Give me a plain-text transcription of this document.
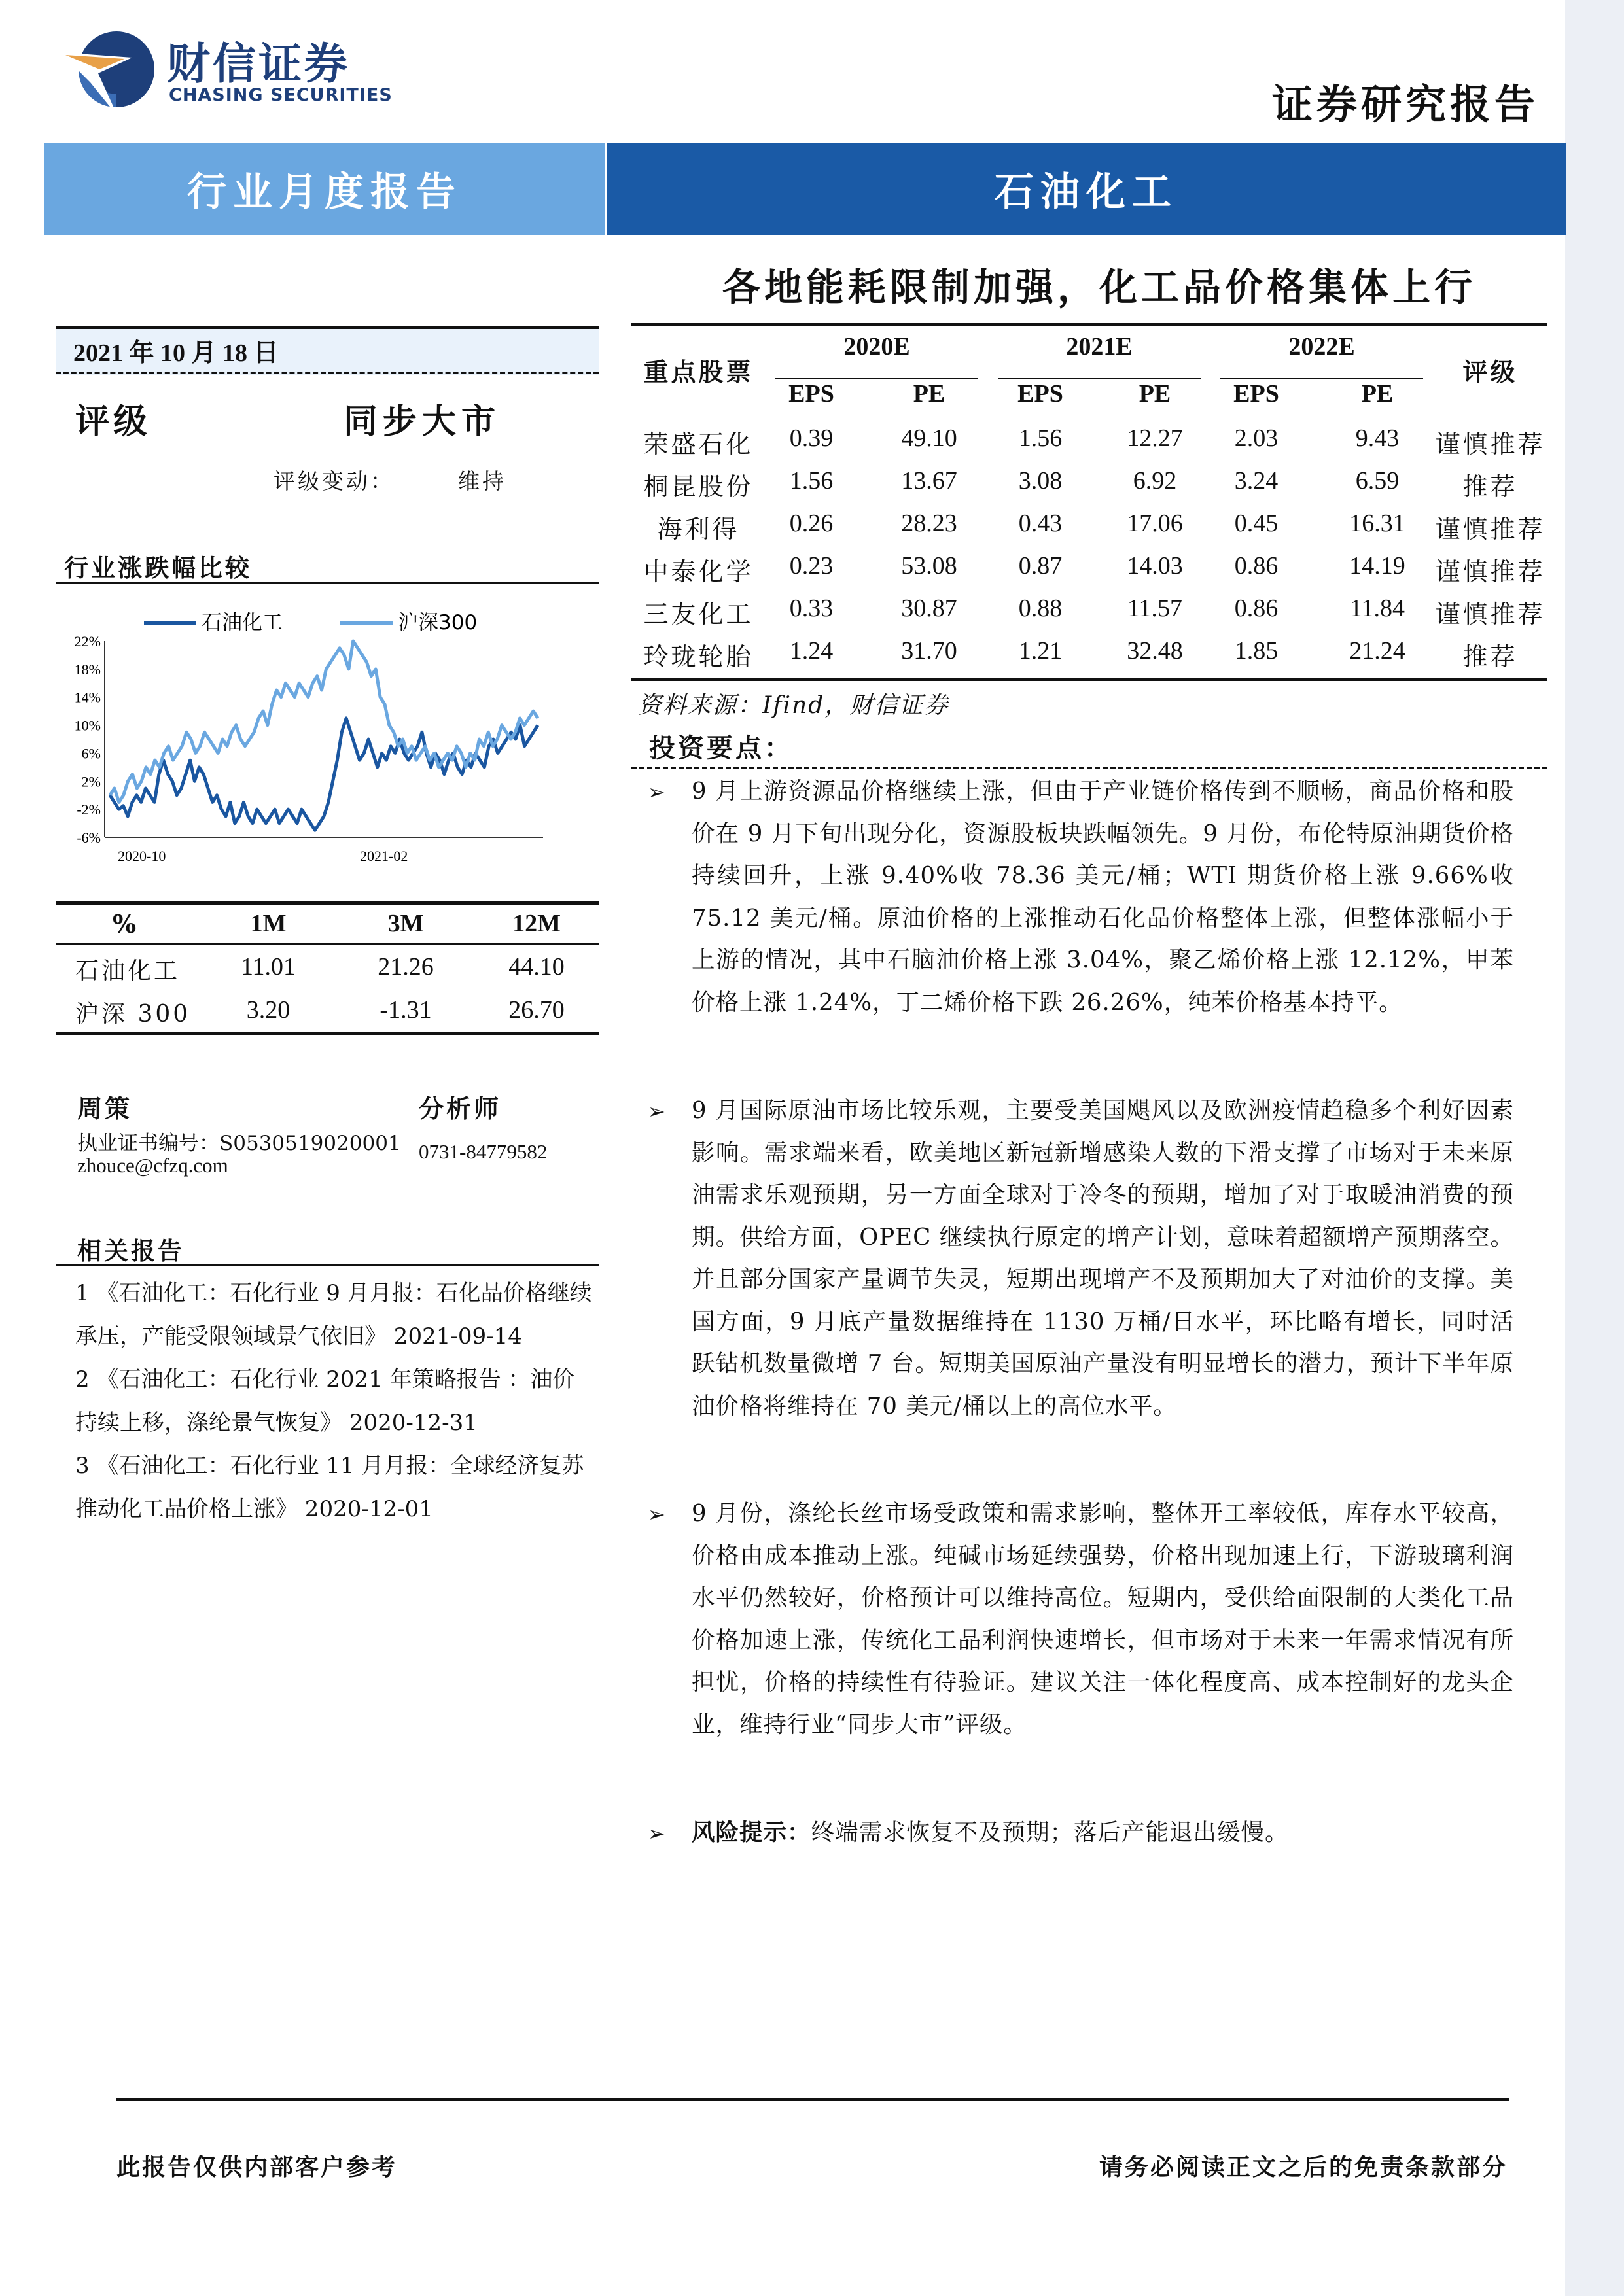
财信证券
CHASING SECURITIES	证券研究报告
行业月度报告	石油化工
各地能耗限制加强，化工品价格集体上行
2021 年 10 月 18 日
评级	同步大市
评级变动：	维持
行业涨跌幅比较
22%
18%
14%
10%
6%
2%
-2%
-6%
2020-10	2021-02
石油化工	沪深300
%	1M	3M	12M
石油化工	11.01	21.26	44.10
沪深 300	3.20	-1.31	26.70
周策	分析师
执业证书编号：S0530519020001 0731-84779582
zhouce@cfzq.com
相关报告
1 《石油化工：石化行业 9 月月报：石化品价格继续承压，产能受限领域景气依旧》 2021-09-14
2 《石油化工：石化行业 2021 年策略报告 ：油价持续上移，涤纶景气恢复》 2020-12-31
3 《石油化工：石化行业 11 月月报：全球经济复苏推动化工品价格上涨》 2020-12-01
重点股票
2020E	2021E	2022E
评级
EPS	PE	EPS	PE	EPS	PE
荣盛石化	0.39	49.10	1.56	12.27	2.03	9.43	谨慎推荐
桐昆股份	1.56	13.67	3.08	6.92	3.24	6.59	推荐
海利得	0.26	28.23	0.43	17.06	0.45	16.31	谨慎推荐
中泰化学	0.23	53.08	0.87	14.03	0.86	14.19	谨慎推荐
三友化工	0.33	30.87	0.88	11.57	0.86	11.84	谨慎推荐
玲珑轮胎	1.24	31.70	1.21	32.48	1.85	21.24	推荐
资料来源：Ifind，财信证券
投资要点：
➢ 9 月上游资源品价格继续上涨，但由于产业链价格传到不顺畅，商品价格和股价在 9 月下旬出现分化，资源股板块跌幅领先。9 月份，布伦特原油期货价格持续回升，上涨 9.40%收 78.36 美元/桶；WTI 期货价格上涨 9.66%收 75.12 美元/桶。原油价格的上涨推动石化品价格整体上涨，但整体涨幅小于上游的情况，其中石脑油价格上涨 3.04%，聚乙烯价格上涨 12.12%，甲苯价格上涨 1.24%，丁二烯价格下跌 26.26%，纯苯价格基本持平。
➢ 9 月国际原油市场比较乐观，主要受美国飓风以及欧洲疫情趋稳多个利好因素影响。需求端来看，欧美地区新冠新增感染人数的下滑支撑了市场对于未来原油需求乐观预期，另一方面全球对于冷冬的预期，增加了对于取暖油消费的预期。供给方面，OPEC 继续执行原定的增产计划，意味着超额增产预期落空。并且部分国家产量调节失灵，短期出现增产不及预期加大了对油价的支撑。美国方面，9 月底产量数据维持在 1130 万桶/日水平，环比略有增长，同时活跃钻机数量微增 7 台。短期美国原油产量没有明显增长的潜力，预计下半年原油价格将维持在 70 美元/桶以上的高位水平。
➢ 9 月份，涤纶长丝市场受政策和需求影响，整体开工率较低，库存水平较高，价格由成本推动上涨。纯碱市场延续强势，价格出现加速上行，下游玻璃利润水平仍然较好，价格预计可以维持高位。短期内，受供给面限制的大类化工品价格加速上涨，传统化工品利润快速增长，但市场对于未来一年需求情况有所担忧，价格的持续性有待验证。建议关注一体化程度高、成本控制好的龙头企业，维持行业“同步大市”评级。
➢ 风险提示：终端需求恢复不及预期；落后产能退出缓慢。
此报告仅供内部客户参考	请务必阅读正文之后的免责条款部分
